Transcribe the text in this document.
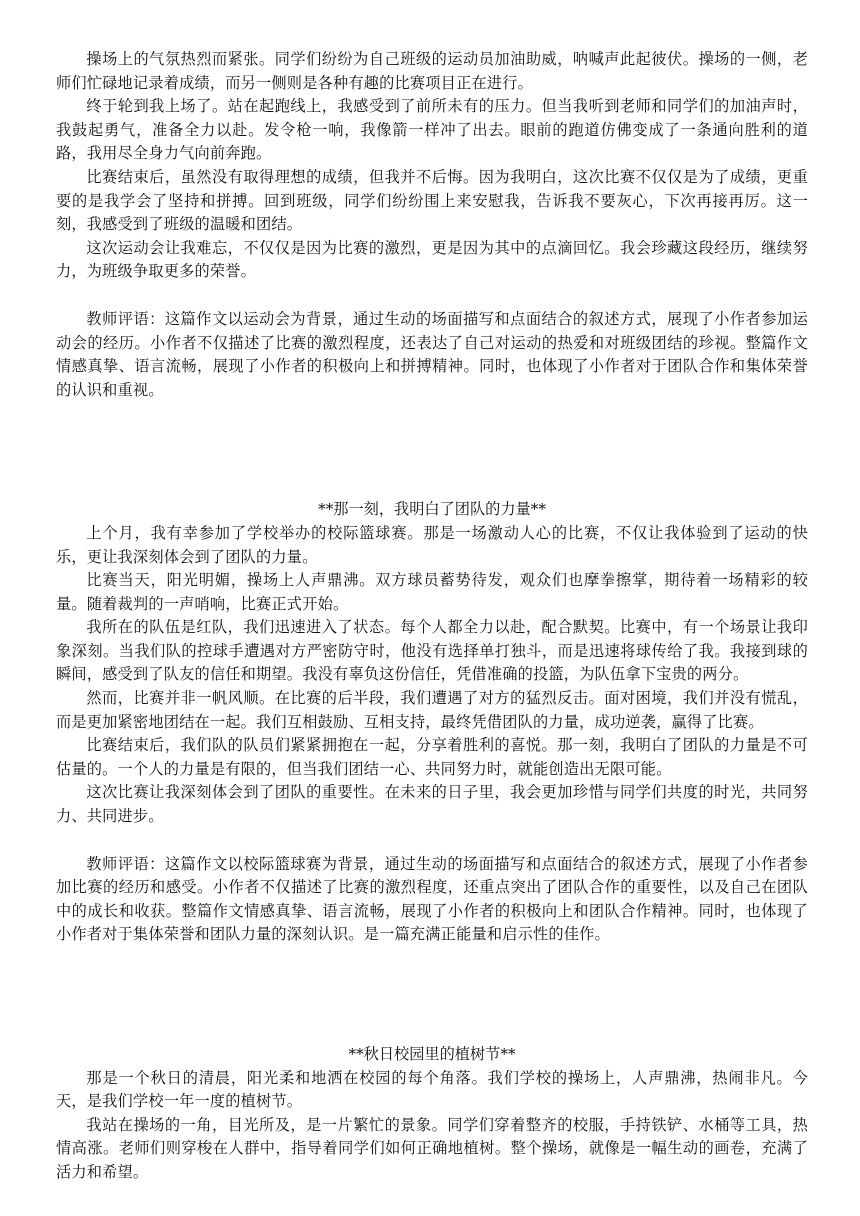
操场上的气氛热烈而紧张。同学们纷纷为自己班级的运动员加油助威，呐喊声此起彼伏。操场的一侧，老师们忙碌地记录着成绩，而另一侧则是各种有趣的比赛项目正在进行。

终于轮到我上场了。站在起跑线上，我感受到了前所未有的压力。但当我听到老师和同学们的加油声时，我鼓起勇气，准备全力以赴。发令枪一响，我像箭一样冲了出去。眼前的跑道仿佛变成了一条通向胜利的道路，我用尽全身力气向前奔跑。

比赛结束后，虽然没有取得理想的成绩，但我并不后悔。因为我明白，这次比赛不仅仅是为了成绩，更重要的是我学会了坚持和拼搏。回到班级，同学们纷纷围上来安慰我，告诉我不要灰心，下次再接再厉。这一刻，我感受到了班级的温暖和团结。

这次运动会让我难忘，不仅仅是因为比赛的激烈，更是因为其中的点滴回忆。我会珍藏这段经历，继续努力，为班级争取更多的荣誉。

教师评语：这篇作文以运动会为背景，通过生动的场面描写和点面结合的叙述方式，展现了小作者参加运动会的经历。小作者不仅描述了比赛的激烈程度，还表达了自己对运动的热爱和对班级团结的珍视。整篇作文情感真挚、语言流畅，展现了小作者的积极向上和拼搏精神。同时，也体现了小作者对于团队合作和集体荣誉的认识和重视。

**那一刻，我明白了团队的力量**

上个月，我有幸参加了学校举办的校际篮球赛。那是一场激动人心的比赛，不仅让我体验到了运动的快乐，更让我深刻体会到了团队的力量。

比赛当天，阳光明媚，操场上人声鼎沸。双方球员蓄势待发，观众们也摩拳擦掌，期待着一场精彩的较量。随着裁判的一声哨响，比赛正式开始。

我所在的队伍是红队，我们迅速进入了状态。每个人都全力以赴，配合默契。比赛中，有一个场景让我印象深刻。当我们队的控球手遭遇对方严密防守时，他没有选择单打独斗，而是迅速将球传给了我。我接到球的瞬间，感受到了队友的信任和期望。我没有辜负这份信任，凭借准确的投篮，为队伍拿下宝贵的两分。

然而，比赛并非一帆风顺。在比赛的后半段，我们遭遇了对方的猛烈反击。面对困境，我们并没有慌乱，而是更加紧密地团结在一起。我们互相鼓励、互相支持，最终凭借团队的力量，成功逆袭，赢得了比赛。

比赛结束后，我们队的队员们紧紧拥抱在一起，分享着胜利的喜悦。那一刻，我明白了团队的力量是不可估量的。一个人的力量是有限的，但当我们团结一心、共同努力时，就能创造出无限可能。

这次比赛让我深刻体会到了团队的重要性。在未来的日子里，我会更加珍惜与同学们共度的时光，共同努力、共同进步。

教师评语：这篇作文以校际篮球赛为背景，通过生动的场面描写和点面结合的叙述方式，展现了小作者参加比赛的经历和感受。小作者不仅描述了比赛的激烈程度，还重点突出了团队合作的重要性，以及自己在团队中的成长和收获。整篇作文情感真挚、语言流畅，展现了小作者的积极向上和团队合作精神。同时，也体现了小作者对于集体荣誉和团队力量的深刻认识。是一篇充满正能量和启示性的佳作。

**秋日校园里的植树节**

那是一个秋日的清晨，阳光柔和地洒在校园的每个角落。我们学校的操场上，人声鼎沸，热闹非凡。今天，是我们学校一年一度的植树节。

我站在操场的一角，目光所及，是一片繁忙的景象。同学们穿着整齐的校服，手持铁铲、水桶等工具，热情高涨。老师们则穿梭在人群中，指导着同学们如何正确地植树。整个操场，就像是一幅生动的画卷，充满了活力和希望。
